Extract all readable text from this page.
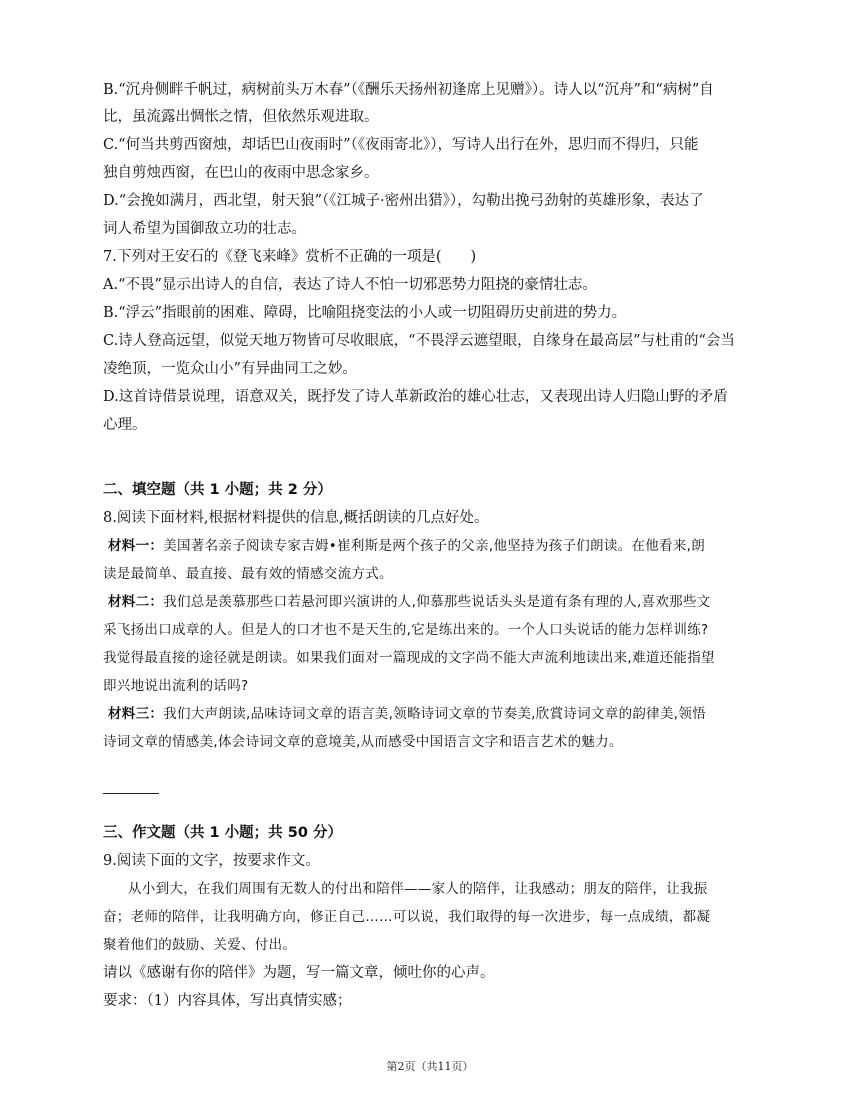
B.“沉舟侧畔千帆过，病树前头万木春”（《酬乐天扬州初逢席上见赠》）。诗人以“沉舟”和“病树”自
比，虽流露出惆怅之情，但依然乐观进取。
C.“何当共剪西窗烛，却话巴山夜雨时”（《夜雨寄北》），写诗人出行在外，思归而不得归，只能
独自剪烛西窗，在巴山的夜雨中思念家乡。
D.“会挽如满月，西北望，射天狼”（《江城子·密州出猎》），勾勒出挽弓劲射的英雄形象，表达了
词人希望为国御敌立功的壮志。
7.下列对王安石的《登飞来峰》赏析不正确的一项是(　　)
A.“不畏”显示出诗人的自信，表达了诗人不怕一切邪恶势力阻挠的豪情壮志。
B.“浮云”指眼前的困难、障碍，比喻阻挠变法的小人或一切阻碍历史前进的势力。
C.诗人登高远望，似觉天地万物皆可尽收眼底，“不畏浮云遮望眼，自缘身在最高层”与杜甫的“会当
凌绝顶，一览众山小”有异曲同工之妙。
D.这首诗借景说理，语意双关，既抒发了诗人革新政治的雄心壮志，又表现出诗人归隐山野的矛盾
心理。
二、填空题（共 1 小题；共 2 分）
8.阅读下面材料,根据材料提供的信息,概括朗读的几点好处。
材料一：美国著名亲子阅读专家吉姆•崔利斯是两个孩子的父亲,他坚持为孩子们朗读。在他看来,朗
读是最简单、最直接、最有效的情感交流方式。
材料二：我们总是羡慕那些口若悬河即兴演讲的人,仰慕那些说话头头是道有条有理的人,喜欢那些文
采飞扬出口成章的人。但是人的口才也不是天生的,它是练出来的。一个人口头说话的能力怎样训练?
我觉得最直接的途径就是朗读。如果我们面对一篇现成的文字尚不能大声流利地读出来,难道还能指望
即兴地说出流利的话吗?
材料三：我们大声朗读,品味诗词文章的语言美,领略诗词文章的节奏美,欣賞诗词文章的韵律美,领悟
诗词文章的情感美,体会诗词文章的意境美,从而感受中国语言文字和语言艺术的魅力。
三、作文题（共 1 小题；共 50 分）
9.阅读下面的文字，按要求作文。
从小到大，在我们周围有无数人的付出和陪伴——家人的陪伴，让我感动；朋友的陪伴，让我振
奋；老师的陪伴，让我明确方向，修正自己……可以说，我们取得的每一次进步，每一点成绩，都凝
聚着他们的鼓励、关爱、付出。
请以《感谢有你的陪伴》为题，写一篇文章，倾吐你的心声。
要求：（1）内容具体，写出真情实感；
第2页（共11页）
